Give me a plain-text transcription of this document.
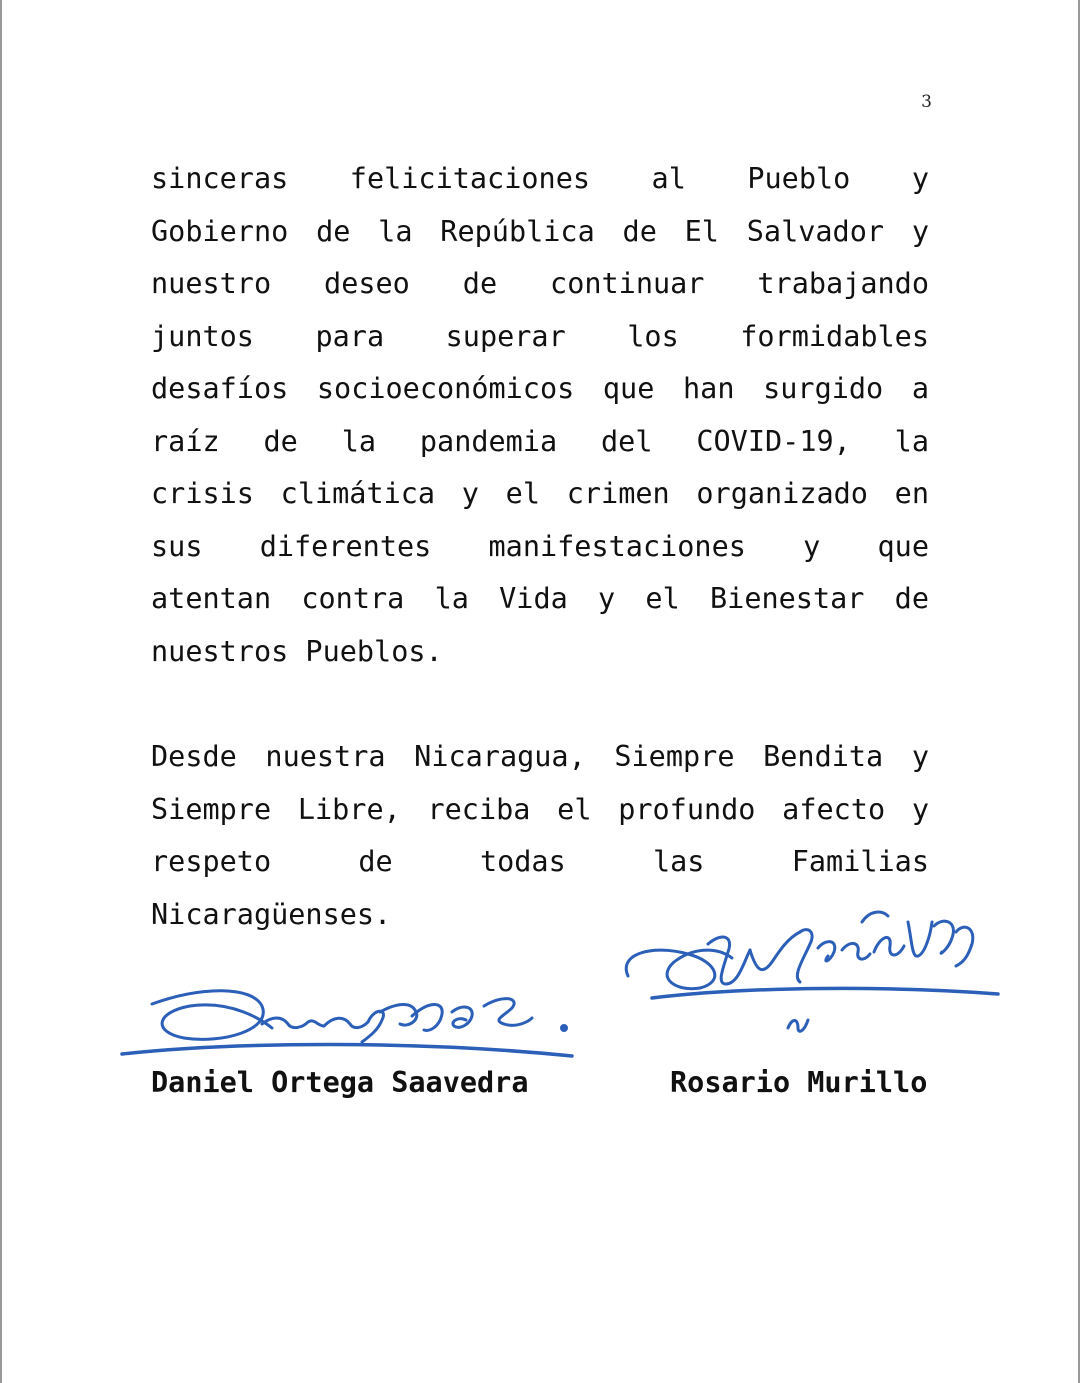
3
sinceras felicitaciones al Pueblo y
Gobierno de la República de El Salvador y
nuestro deseo de continuar trabajando
juntos para superar los formidables
desafíos socioeconómicos que han surgido a
raíz de la pandemia del COVID-19, la
crisis climática y el crimen organizado en
sus diferentes manifestaciones y que
atentan contra la Vida y el Bienestar de
nuestros Pueblos.
Desde nuestra Nicaragua, Siempre Bendita y
Siempre Libre, reciba el profundo afecto y
respeto de todas las Familias
Nicaragüenses.
Daniel Ortega Saavedra	Rosario Murillo
